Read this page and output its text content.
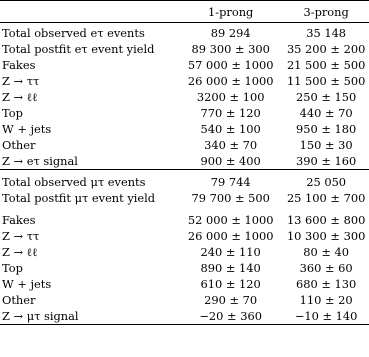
	1-prong	3-prong
Total observed eτ events	89 294	35 148
Total postfit eτ event yield	89 300 ± 300	35 200 ± 200
Fakes	57 000 ± 1000	21 500 ± 500
Z → ττ	26 000 ± 1000	11 500 ± 500
Z → ℓℓ	3200 ± 100	250 ± 150
Top	770 ± 120	440 ± 70
W + jets	540 ± 100	950 ± 180
Other	340 ± 70	150 ± 30
Z → eτ signal	900 ± 400	390 ± 160

Total observed μτ events	79 744	25 050
Total postfit μτ event yield	79 700 ± 500	25 100 ± 700

Fakes	52 000 ± 1000	13 600 ± 800
Z → ττ	26 000 ± 1000	10 300 ± 300
Z → ℓℓ	240 ± 110	80 ± 40
Top	890 ± 140	360 ± 60
W + jets	610 ± 120	680 ± 130
Other	290 ± 70	110 ± 20
Z → μτ signal	−20 ± 360	−10 ± 140
